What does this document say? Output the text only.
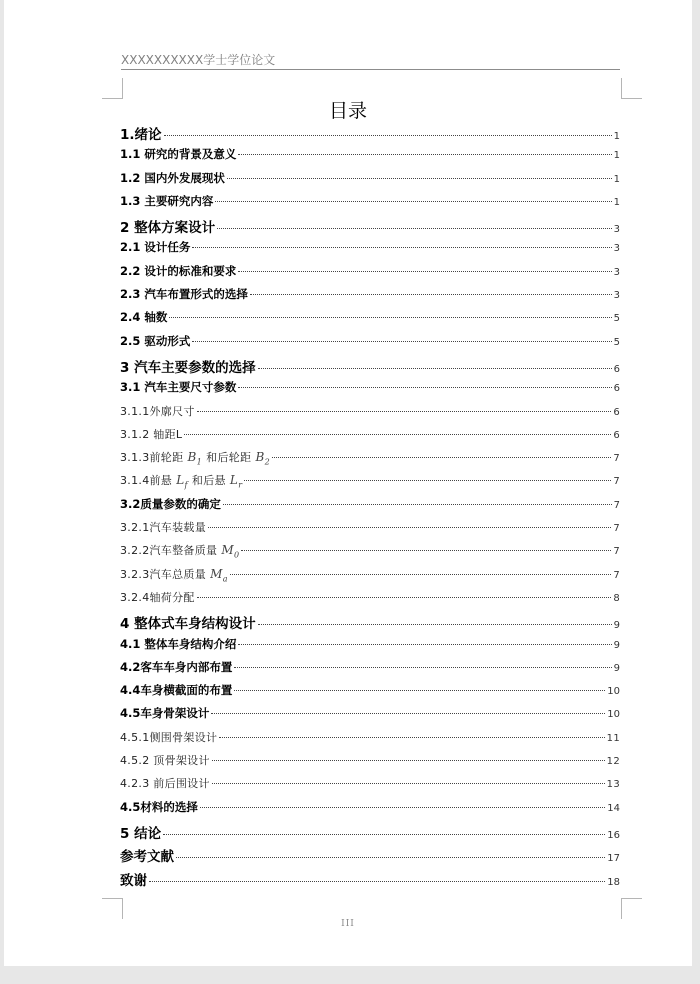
XXXXXXXXXX学士学位论文
目录
1.绪论	1
1.1 研究的背景及意义	1
1.2 国内外发展现状	1
1.3 主要研究内容	1
2 整体方案设计	3
2.1 设计任务	3
2.2 设计的标准和要求	3
2.3 汽车布置形式的选择	3
2.4 轴数	5
2.5 驱动形式	5
3 汽车主要参数的选择	6
3.1 汽车主要尺寸参数	6
3.1.1外廓尺寸	6
3.1.2 轴距L	6
3.1.3前轮距 $B_1$ 和后轮距 $B_2$	7
3.1.4前悬 $L_f$ 和后悬 $L_r$	7
3.2质量参数的确定	7
3.2.1汽车装载量	7
3.2.2汽车整备质量 $M_0$	7
3.2.3汽车总质量 $M_a$	7
3.2.4轴荷分配	8
4 整体式车身结构设计	9
4.1 整体车身结构介绍	9
4.2客车车身内部布置	9
4.4车身横截面的布置	10
4.5车身骨架设计	10
4.5.1侧围骨架设计	11
4.5.2 顶骨架设计	12
4.2.3 前后围设计	13
4.5材料的选择	14
5 结论	16
参考文献	17
致谢	18
III
